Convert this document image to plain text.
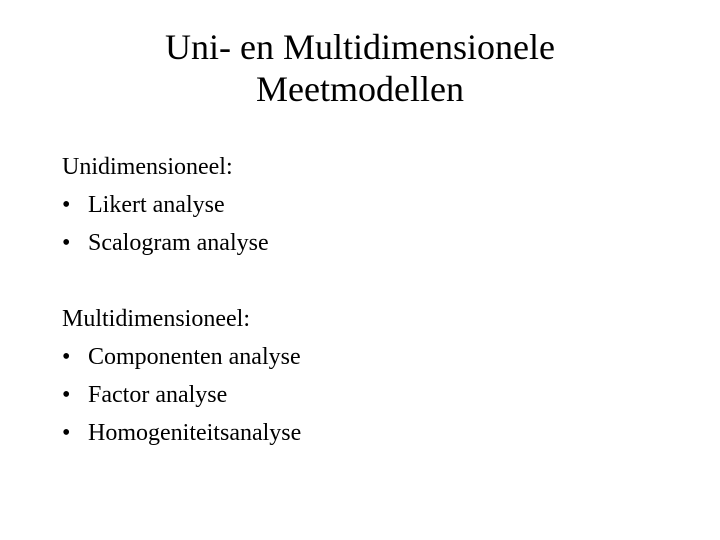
Uni- en Multidimensionele
Meetmodellen
Unidimensioneel:
• Likert analyse
• Scalogram analyse
Multidimensioneel:
• Componenten analyse
• Factor analyse
• Homogeniteitsanalyse
